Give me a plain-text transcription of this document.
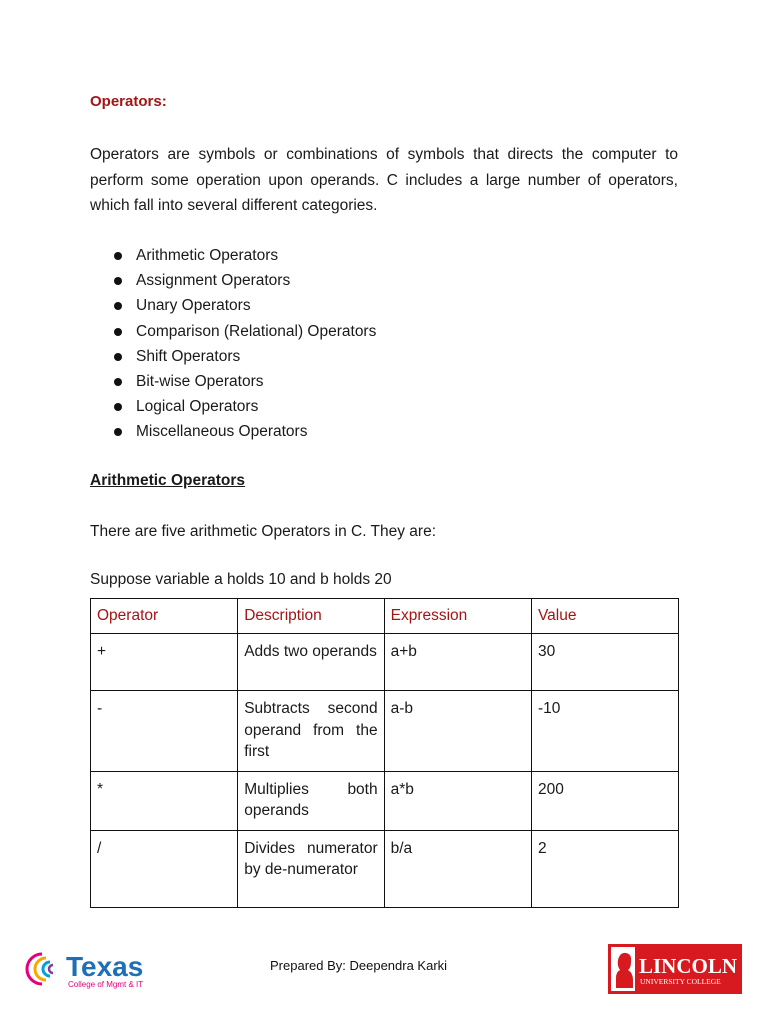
Operators:
Operators are symbols or combinations of symbols that directs the computer to perform some operation upon operands. C includes a large number of operators, which fall into several different categories.
Arithmetic Operators
Assignment Operators
Unary Operators
Comparison (Relational) Operators
Shift Operators
Bit-wise Operators
Logical Operators
Miscellaneous Operators
Arithmetic Operators
There are five arithmetic Operators in C. They are:
Suppose variable a holds 10 and b holds 20
Operator	Description	Expression	Value
+	Adds two operands	a+b	30
-	Subtracts second operand from the first	a-b	-10
*	Multiplies both operands	a*b	200
/	Divides numerator by de-numerator	b/a	2
Texas
College of Mgmt & IT
Prepared By: Deependra Karki	LINCOLN
UNIVERSITY COLLEGE
